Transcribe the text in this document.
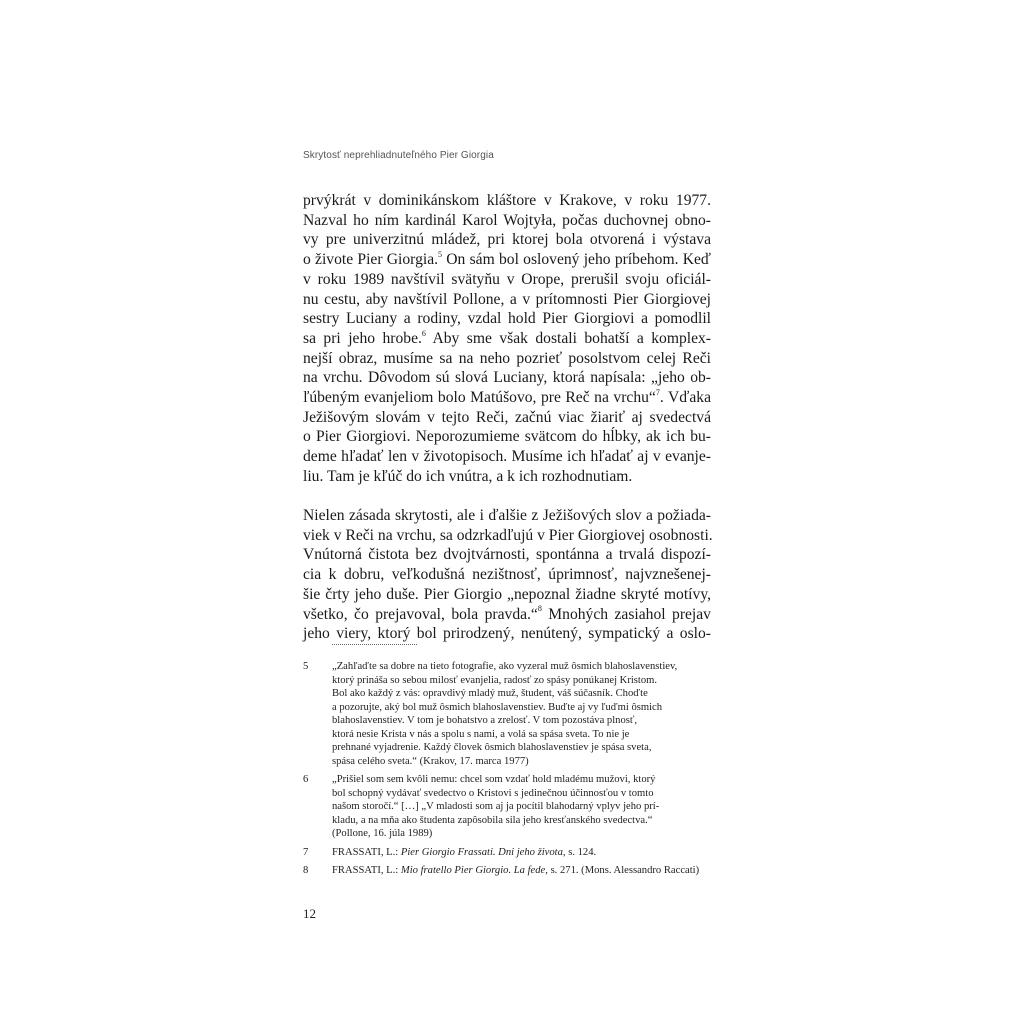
Skrytosť neprehliadnuteľného Pier Giorgia
prvýkrát v dominikánskom kláštore v Krakove, v roku 1977.
Nazval ho ním kardinál Karol Wojtyła, počas duchovnej obno-
vy pre univerzitnú mládež, pri ktorej bola otvorená i výstava
o živote Pier Giorgia.$^5$ On sám bol oslovený jeho príbehom. Keď
v roku 1989 navštívil svätyňu v Orope, prerušil svoju oficiál-
nu cestu, aby navštívil Pollone, a v prítomnosti Pier Giorgiovej
sestry Luciany a rodiny, vzdal hold Pier Giorgiovi a pomodlil
sa pri jeho hrobe.$^6$ Aby sme však dostali bohatší a komplex-
nejší obraz, musíme sa na neho pozrieť posolstvom celej Reči
na vrchu. Dôvodom sú slová Luciany, ktorá napísala: „jeho ob-
ľúbeným evanjeliom bolo Matúšovo, pre Reč na vrchu“$^7$. Vďaka
Ježišovým slovám v tejto Reči, začnú viac žiariť aj svedectvá
o Pier Giorgiovi. Neporozumieme svätcom do hĺbky, ak ich bu-
deme hľadať len v životopisoch. Musíme ich hľadať aj v evanje-
liu. Tam je kľúč do ich vnútra, a k ich rozhodnutiam.
Nielen zásada skrytosti, ale i ďalšie z Ježišových slov a požiada-
viek v Reči na vrchu, sa odzrkadľujú v Pier Giorgiovej osobnosti.
Vnútorná čistota bez dvojtvárnosti, spontánna a trvalá dispozí-
cia k dobru, veľkodušná nezištnosť, úprimnosť, najvznešenej-
šie črty jeho duše. Pier Giorgio „nepoznal žiadne skryté motívy,
všetko, čo prejavoval, bola pravda.“$^8$ Mnohých zasiahol prejav
jeho viery, ktorý bol prirodzený, nenútený, sympatický a oslo-
5 „Zahľaďte sa dobre na tieto fotografie, ako vyzeral muž ôsmich blahoslavenstiev,
ktorý prináša so sebou milosť evanjelia, radosť zo spásy ponúkanej Kristom.
Bol ako každý z vás: opravdivý mladý muž, študent, váš súčasník. Choďte
a pozorujte, aký bol muž ôsmich blahoslavenstiev. Buďte aj vy ľuďmi ôsmich
blahoslavenstiev. V tom je bohatstvo a zrelosť. V tom pozostáva plnosť,
ktorá nesie Krista v nás a spolu s nami, a volá sa spása sveta. To nie je
prehnané vyjadrenie. Každý človek ôsmich blahoslavenstiev je spása sveta,
spása celého sveta.“ (Krakov, 17. marca 1977)
6 „Prišiel som sem kvôli nemu: chcel som vzdať hold mladému mužovi, ktorý
bol schopný vydávať svedectvo o Kristovi s jedinečnou účinnosťou v tomto
našom storočí.“ […] „V mladosti som aj ja pocítil blahodarný vplyv jeho prí-
kladu, a na mňa ako študenta zapôsobila sila jeho kresťanského svedectva.“
(Pollone, 16. júla 1989)
7 FRASSATI, L.: Pier Giorgio Frassati. Dni jeho života, s. 124.
8 FRASSATI, L.: Mio fratello Pier Giorgio. La fede, s. 271. (Mons. Alessandro Raccati)
12
